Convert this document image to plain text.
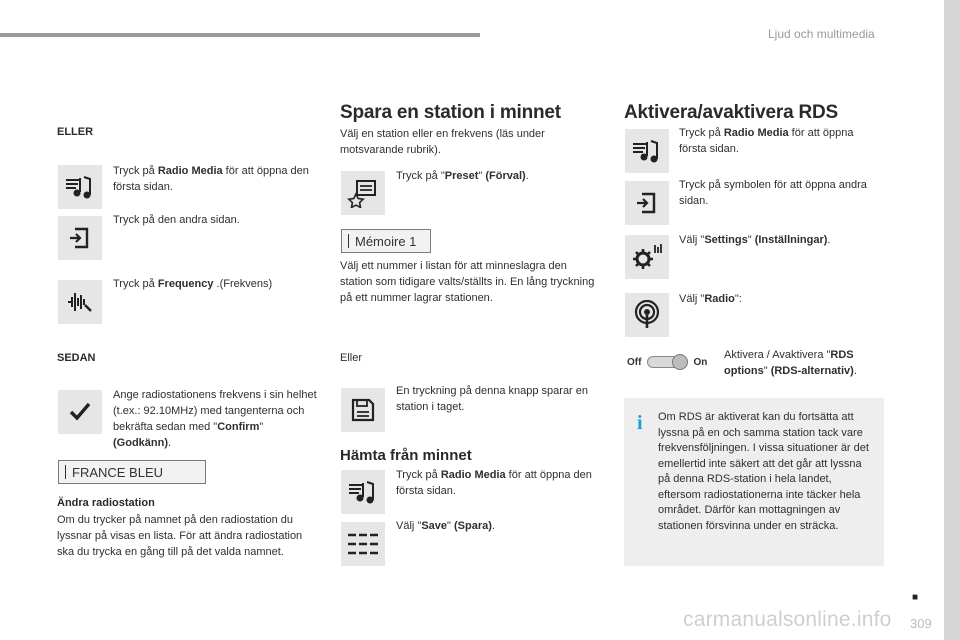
Ljud och multimedia
ELLER
Tryck på Radio Media för att öppna den första sidan.
Tryck på den andra sidan.
Tryck på Frequency .(Frekvens)
SEDAN
Ange radiostationens frekvens i sin helhet (t.ex.: 92.10MHz) med tangenterna och bekräfta sedan med "Confirm" (Godkänn).
FRANCE BLEU
Ändra radiostation
Om du trycker på namnet på den radiostation du lyssnar på visas en lista. För att ändra radiostation ska du trycka en gång till på det valda namnet.
Spara en station i minnet
Välj en station eller en frekvens (läs under motsvarande rubrik).
Tryck på "Preset" (Förval).
Mémoire 1
Välj ett nummer i listan för att minneslagra den station som tidigare valts/ställts in. En lång tryckning på ett nummer lagrar stationen.
Eller
En tryckning på denna knapp sparar en station i taget.
Hämta från minnet
Tryck på Radio Media för att öppna den första sidan.
Välj "Save" (Spara).
Aktivera/avaktivera RDS
Tryck på Radio Media för att öppna första sidan.
Tryck på symbolen för att öppna andra sidan.
Välj "Settings" (Inställningar).
Välj "Radio":
Off	On
Aktivera / Avaktivera "RDS options" (RDS-alternativ).
i Om RDS är aktiverat kan du fortsätta att lyssna på en och samma station tack vare frekvensföljningen. I vissa situationer är det emellertid inte säkert att det går att lyssna på denna RDS-station i hela landet, eftersom radiostationerna inte täcker hela området. Därför kan mottagningen av stationen försvinna under en sträcka.
■
309
carmanualsonline.info
